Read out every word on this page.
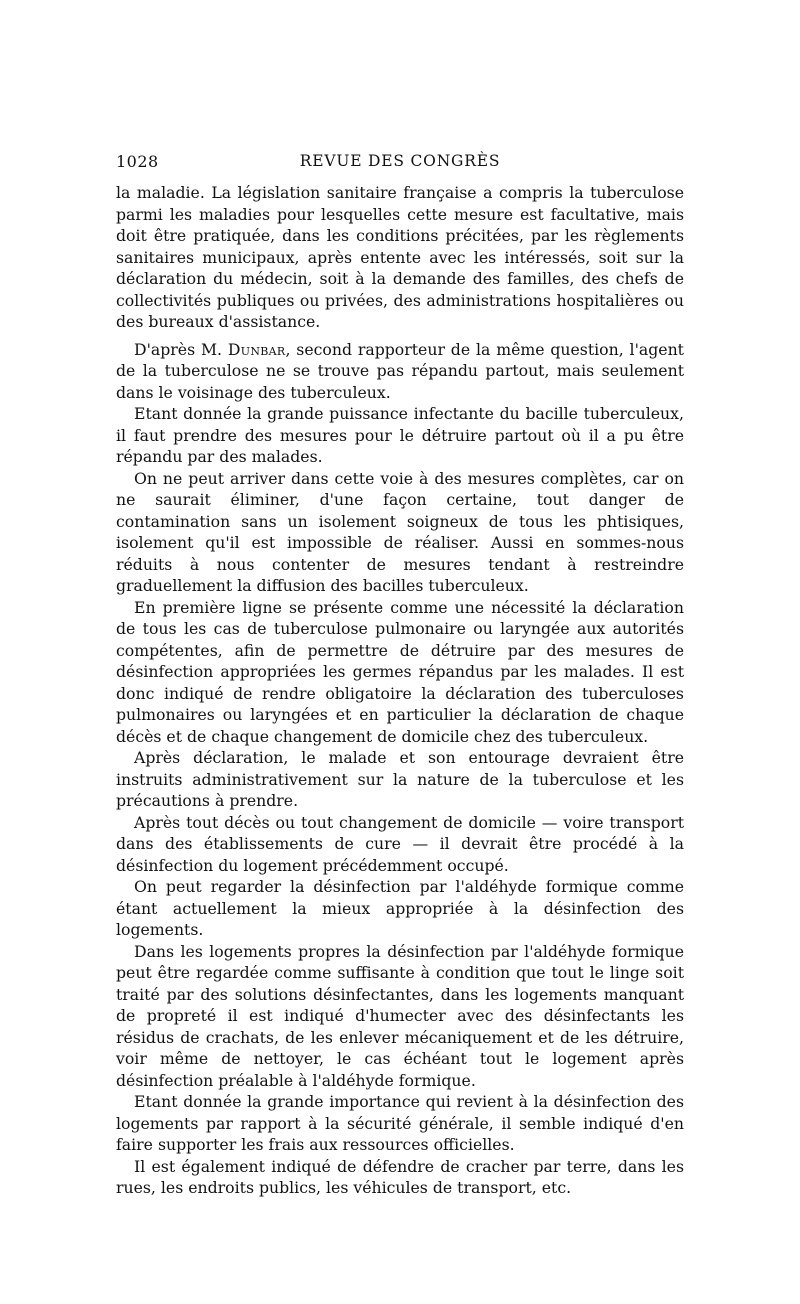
1028	REVUE DES CONGRÈS

la maladie. La législation sanitaire française a compris la tuberculose parmi les maladies pour lesquelles cette mesure est facultative, mais doit être pratiquée, dans les conditions précitées, par les règlements sanitaires municipaux, après entente avec les intéressés, soit sur la déclaration du médecin, soit à la demande des familles, des chefs de collectivités publiques ou privées, des administrations hospitalières ou des bureaux d'assistance.

D'après M. Dunbar, second rapporteur de la même question, l'agent de la tuberculose ne se trouve pas répandu partout, mais seulement dans le voisinage des tuberculeux.

Etant donnée la grande puissance infectante du bacille tuberculeux, il faut prendre des mesures pour le détruire partout où il a pu être répandu par des malades.

On ne peut arriver dans cette voie à des mesures complètes, car on ne saurait éliminer, d'une façon certaine, tout danger de contamination sans un isolement soigneux de tous les phtisiques, isolement qu'il est impossible de réaliser. Aussi en sommes-nous réduits à nous contenter de mesures tendant à restreindre graduellement la diffusion des bacilles tuberculeux.

En première ligne se présente comme une nécessité la déclaration de tous les cas de tuberculose pulmonaire ou laryngée aux autorités compétentes, afin de permettre de détruire par des mesures de désinfection appropriées les germes répandus par les malades. Il est donc indiqué de rendre obligatoire la déclaration des tuberculoses pulmonaires ou laryngées et en particulier la déclaration de chaque décès et de chaque changement de domicile chez des tuberculeux.

Après déclaration, le malade et son entourage devraient être instruits administrativement sur la nature de la tuberculose et les précautions à prendre.

Après tout décès ou tout changement de domicile — voire transport dans des établissements de cure — il devrait être procédé à la désinfection du logement précédemment occupé.

On peut regarder la désinfection par l'aldéhyde formique comme étant actuellement la mieux appropriée à la désinfection des logements.

Dans les logements propres la désinfection par l'aldéhyde formique peut être regardée comme suffisante à condition que tout le linge soit traité par des solutions désinfectantes, dans les logements manquant de propreté il est indiqué d'humecter avec des désinfectants les résidus de crachats, de les enlever mécaniquement et de les détruire, voir même de nettoyer, le cas échéant tout le logement après désinfection préalable à l'aldéhyde formique.

Etant donnée la grande importance qui revient à la désinfection des logements par rapport à la sécurité générale, il semble indiqué d'en faire supporter les frais aux ressources officielles.

Il est également indiqué de défendre de cracher par terre, dans les rues, les endroits publics, les véhicules de transport, etc.
